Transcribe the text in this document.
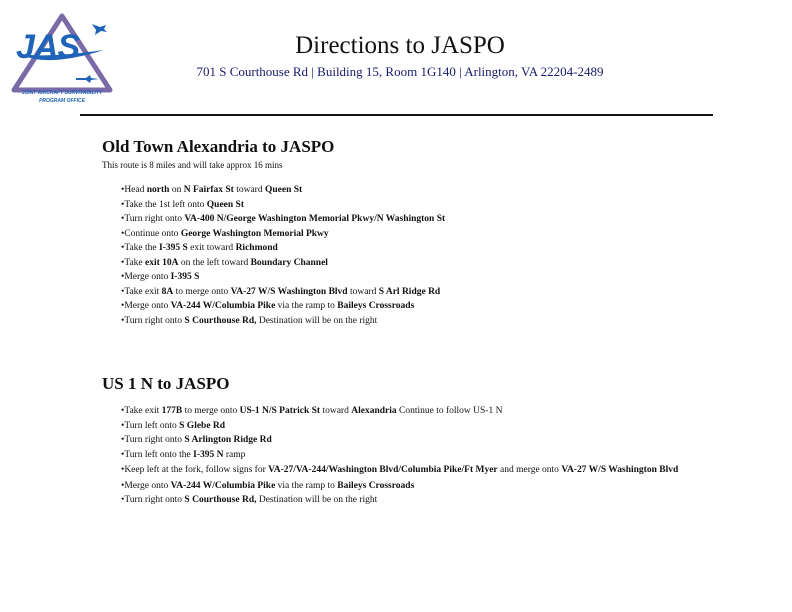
JAS
JOINT AIRCRAFT SURVIVABILITY
PROGRAM OFFICE
Directions to JASPO
701 S Courthouse Rd | Building 15, Room 1G140 | Arlington, VA 22204-2489
Old Town Alexandria to JASPO
This route is 8 miles and will take approx 16 mins
•Head north on N Fairfax St toward Queen St
•Take the 1st left onto Queen St
•Turn right onto VA-400 N/George Washington Memorial Pkwy/N Washington St
•Continue onto George Washington Memorial Pkwy
•Take the I-395 S exit toward Richmond
•Take exit 10A on the left toward Boundary Channel
•Merge onto I-395 S
•Take exit 8A to merge onto VA-27 W/S Washington Blvd toward S Arl Ridge Rd
•Merge onto VA-244 W/Columbia Pike via the ramp to Baileys Crossroads
•Turn right onto S Courthouse Rd, Destination will be on the right
US 1 N to JASPO
•Take exit 177B to merge onto US-1 N/S Patrick St toward Alexandria Continue to follow US-1 N
•Turn left onto S Glebe Rd
•Turn right onto S Arlington Ridge Rd
•Turn left onto the I-395 N ramp
•Keep left at the fork, follow signs for VA-27/VA-244/Washington Blvd/Columbia Pike/Ft Myer and merge onto VA-27 W/S Washington Blvd
•Merge onto VA-244 W/Columbia Pike via the ramp to Baileys Crossroads
•Turn right onto S Courthouse Rd, Destination will be on the right
